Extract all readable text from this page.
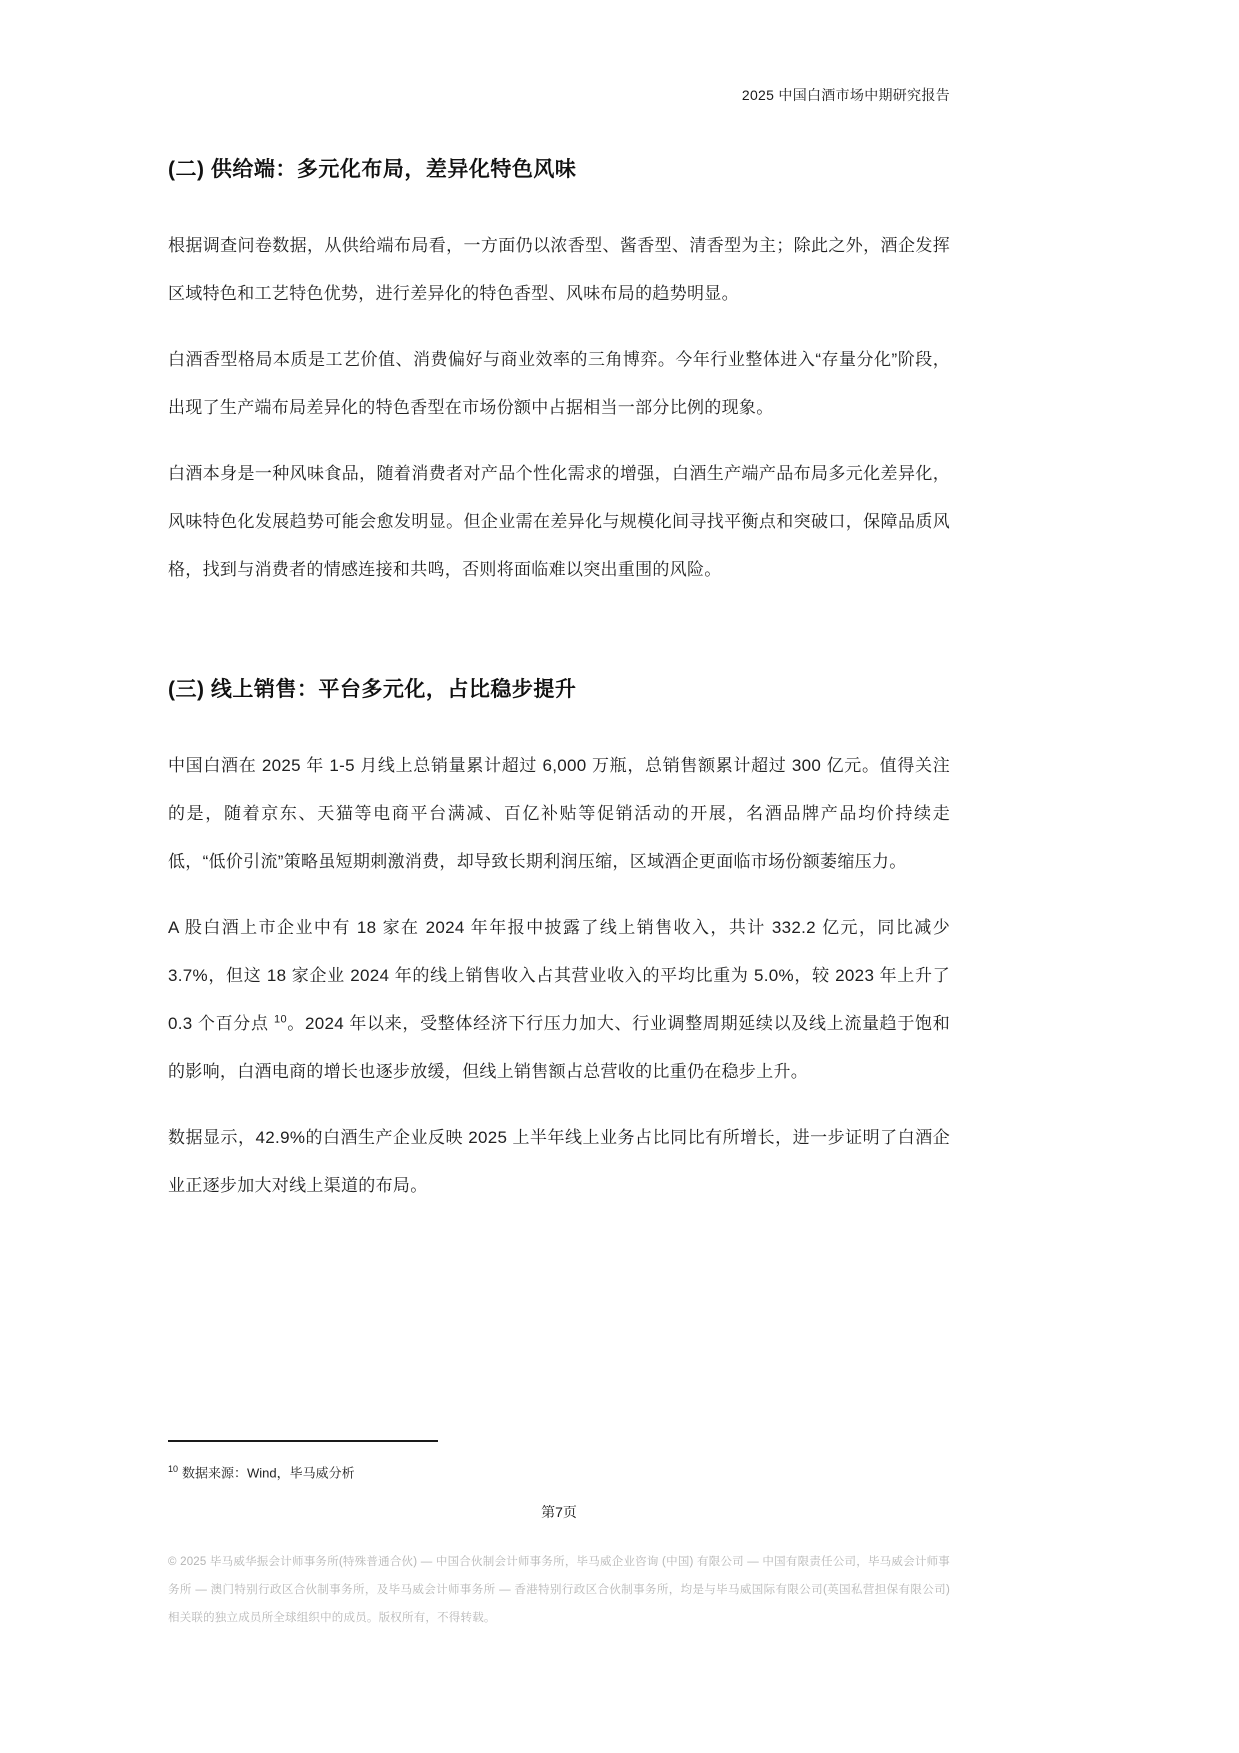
2025 中国白酒市场中期研究报告
(二) 供给端：多元化布局，差异化特色风味

根据调查问卷数据，从供给端布局看，一方面仍以浓香型、酱香型、清香型为主；除此之外，酒企发挥区域特色和工艺特色优势，进行差异化的特色香型、风味布局的趋势明显。

白酒香型格局本质是工艺价值、消费偏好与商业效率的三角博弈。今年行业整体进入“存量分化”阶段，出现了生产端布局差异化的特色香型在市场份额中占据相当一部分比例的现象。

白酒本身是一种风味食品，随着消费者对产品个性化需求的增强，白酒生产端产品布局多元化差异化，风味特色化发展趋势可能会愈发明显。但企业需在差异化与规模化间寻找平衡点和突破口，保障品质风格，找到与消费者的情感连接和共鸣，否则将面临难以突出重围的风险。

(三) 线上销售：平台多元化，占比稳步提升

中国白酒在 2025 年 1-5 月线上总销量累计超过 6,000 万瓶，总销售额累计超过 300 亿元。值得关注的是，随着京东、天猫等电商平台满减、百亿补贴等促销活动的开展，名酒品牌产品均价持续走低，“低价引流”策略虽短期刺激消费，却导致长期利润压缩，区域酒企更面临市场份额萎缩压力。

A 股白酒上市企业中有 18 家在 2024 年年报中披露了线上销售收入，共计 332.2 亿元，同比减少 3.7%，但这 18 家企业 2024 年的线上销售收入占其营业收入的平均比重为 5.0%，较 2023 年上升了 0.3 个百分点 $^{10}$。2024 年以来，受整体经济下行压力加大、行业调整周期延续以及线上流量趋于饱和的影响，白酒电商的增长也逐步放缓，但线上销售额占总营收的比重仍在稳步上升。

数据显示，42.9%的白酒生产企业反映 2025 上半年线上业务占比同比有所增长，进一步证明了白酒企业正逐步加大对线上渠道的布局。

$^{10}$ 数据来源：Wind，毕马威分析
第7页
© 2025 毕马威华振会计师事务所(特殊普通合伙) — 中国合伙制会计师事务所，毕马威企业咨询 (中国) 有限公司 — 中国有限责任公司，毕马威会计师事务所 — 澳门特别行政区合伙制事务所，及毕马威会计师事务所 — 香港特别行政区合伙制事务所，均是与毕马威国际有限公司(英国私营担保有限公司)相关联的独立成员所全球组织中的成员。版权所有，不得转载。
